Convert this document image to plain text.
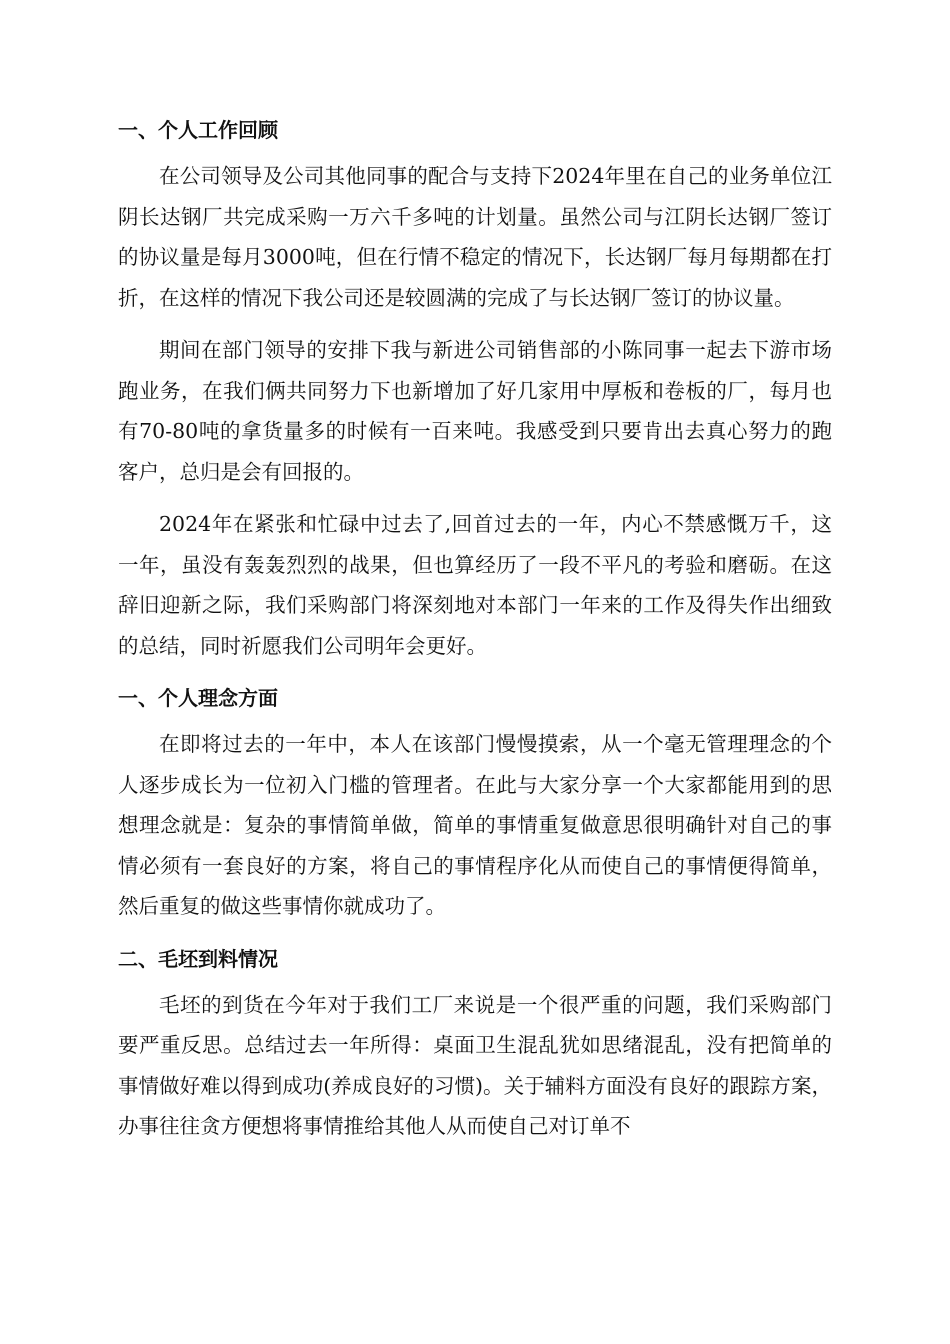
一、个人工作回顾

在公司领导及公司其他同事的配合与支持下2024年里在自己的业务单位江阴长达钢厂共完成采购一万六千多吨的计划量。虽然公司与江阴长达钢厂签订的协议量是每月3000吨，但在行情不稳定的情况下，长达钢厂每月每期都在打折，在这样的情况下我公司还是较圆满的完成了与长达钢厂签订的协议量。

期间在部门领导的安排下我与新进公司销售部的小陈同事一起去下游市场跑业务，在我们俩共同努力下也新增加了好几家用中厚板和卷板的厂，每月也有70-80吨的拿货量多的时候有一百来吨。我感受到只要肯出去真心努力的跑客户，总归是会有回报的。

2024年在紧张和忙碌中过去了,回首过去的一年，内心不禁感慨万千，这一年，虽没有轰轰烈烈的战果，但也算经历了一段不平凡的考验和磨砺。在这辞旧迎新之际，我们采购部门将深刻地对本部门一年来的工作及得失作出细致的总结，同时祈愿我们公司明年会更好。

一、个人理念方面

在即将过去的一年中，本人在该部门慢慢摸索，从一个毫无管理理念的个人逐步成长为一位初入门槛的管理者。在此与大家分享一个大家都能用到的思想理念就是：复杂的事情简单做，简单的事情重复做意思很明确针对自己的事情必须有一套良好的方案，将自己的事情程序化从而使自己的事情便得简单，然后重复的做这些事情你就成功了。

二、毛坯到料情况

毛坯的到货在今年对于我们工厂来说是一个很严重的问题，我们采购部门要严重反思。总结过去一年所得：桌面卫生混乱犹如思绪混乱，没有把简单的事情做好难以得到成功(养成良好的习惯)。关于辅料方面没有良好的跟踪方案，办事往往贪方便想将事情推给其他人从而使自己对订单不
